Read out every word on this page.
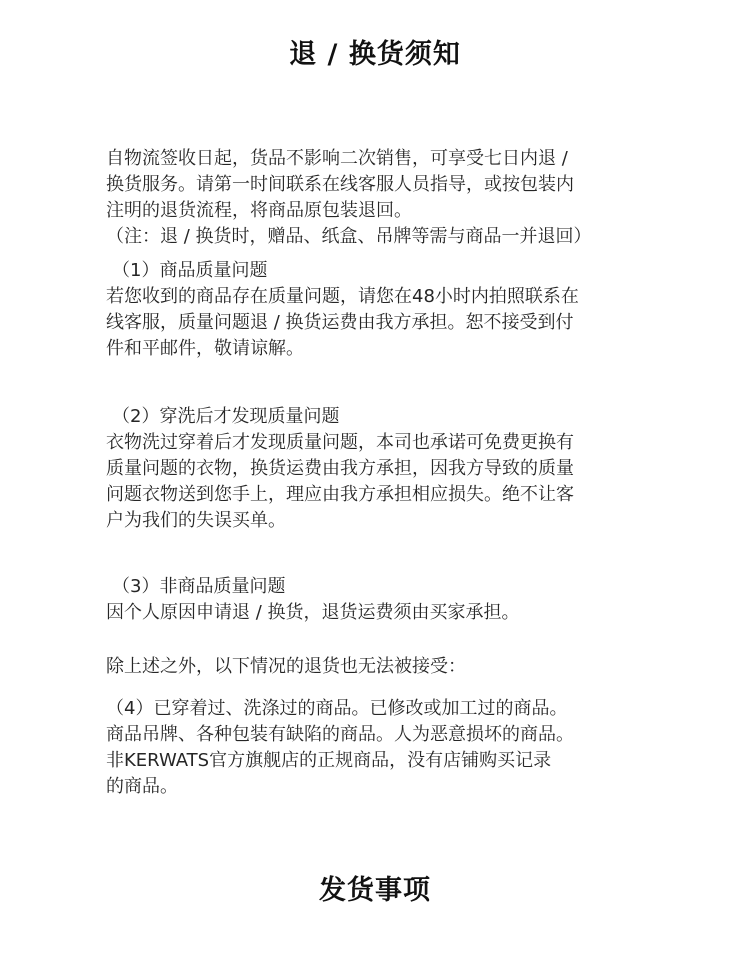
退 / 换货须知
自物流签收日起，货品不影响二次销售，可享受七日内退 /
换货服务。请第一时间联系在线客服人员指导，或按包装内
注明的退货流程，将商品原包装退回。
（注：退 / 换货时，赠品、纸盒、吊牌等需与商品一并退回）
（1）商品质量问题
若您收到的商品存在质量问题，请您在48小时内拍照联系在
线客服，质量问题退 / 换货运费由我方承担。恕不接受到付
件和平邮件，敬请谅解。
（2）穿洗后才发现质量问题
衣物洗过穿着后才发现质量问题，本司也承诺可免费更换有
质量问题的衣物，换货运费由我方承担，因我方导致的质量
问题衣物送到您手上，理应由我方承担相应损失。绝不让客
户为我们的失误买单。
（3）非商品质量问题
因个人原因申请退 / 换货，退货运费须由买家承担。
除上述之外，以下情况的退货也无法被接受：
（4）已穿着过、洗涤过的商品。已修改或加工过的商品。
商品吊牌、各种包装有缺陷的商品。人为恶意损坏的商品。
非KERWATS官方旗舰店的正规商品，没有店铺购买记录
的商品。
发货事项
